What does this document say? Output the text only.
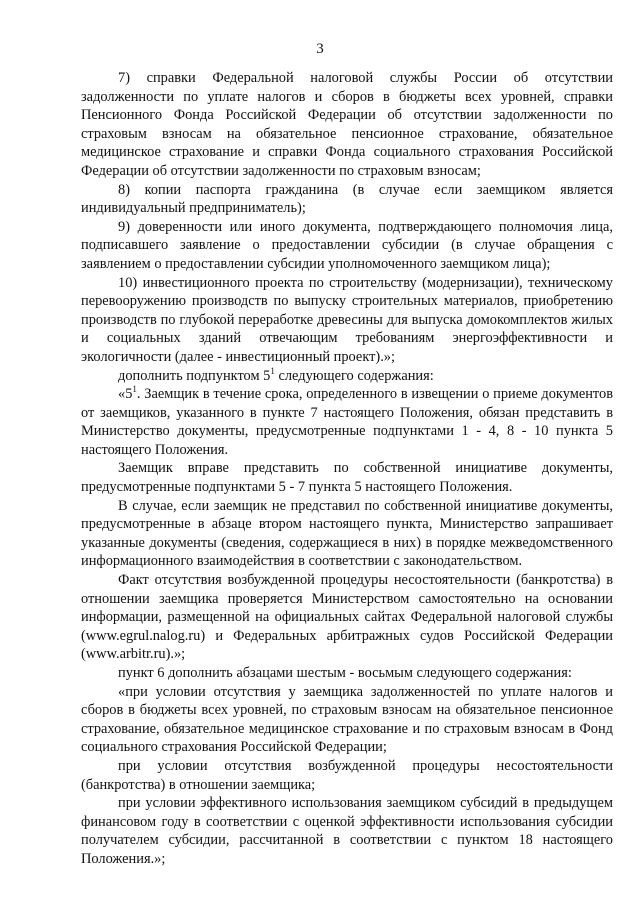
3

7) справки Федеральной налоговой службы России об отсутствии задолженности по уплате налогов и сборов в бюджеты всех уровней, справки Пенсионного Фонда Российской Федерации об отсутствии задолженности по страховым взносам на обязательное пенсионное страхование, обязательное медицинское страхование и справки Фонда социального страхования Российской Федерации об отсутствии задолженности по страховым взносам;

8) копии паспорта гражданина (в случае если заемщиком является индивидуальный предприниматель);

9) доверенности или иного документа, подтверждающего полномочия лица, подписавшего заявление о предоставлении субсидии (в случае обращения с заявлением о предоставлении субсидии уполномоченного заемщиком лица);

10) инвестиционного проекта по строительству (модернизации), техническому перевооружению производств по выпуску строительных материалов, приобретению производств по глубокой переработке древесины для выпуска домокомплектов жилых и социальных зданий отвечающим требованиям энергоэффективности и экологичности (далее - инвестиционный проект).»;

дополнить подпунктом $5^1$ следующего содержания:

«$5^1$. Заемщик в течение срока, определенного в извещении о приеме документов от заемщиков, указанного в пункте 7 настоящего Положения, обязан представить в Министерство документы, предусмотренные подпунктами 1 - 4, 8 - 10 пункта 5 настоящего Положения.

Заемщик вправе представить по собственной инициативе документы, предусмотренные подпунктами 5 - 7 пункта 5 настоящего Положения.

В случае, если заемщик не представил по собственной инициативе документы, предусмотренные в абзаце втором настоящего пункта, Министерство запрашивает указанные документы (сведения, содержащиеся в них) в порядке межведомственного информационного взаимодействия в соответствии с законодательством.

Факт отсутствия возбужденной процедуры несостоятельности (банкротства) в отношении заемщика проверяется Министерством самостоятельно на основании информации, размещенной на официальных сайтах Федеральной налоговой службы (www.egrul.nalog.ru) и Федеральных арбитражных судов Российской Федерации (www.arbitr.ru).»;

пункт 6 дополнить абзацами шестым - восьмым следующего содержания:

«при условии отсутствия у заемщика задолженностей по уплате налогов и сборов в бюджеты всех уровней, по страховым взносам на обязательное пенсионное страхование, обязательное медицинское страхование и по страховым взносам в Фонд социального страхования Российской Федерации;

при условии отсутствия возбужденной процедуры несостоятельности (банкротства) в отношении заемщика;

при условии эффективного использования заемщиком субсидий в предыдущем финансовом году в соответствии с оценкой эффективности использования субсидии получателем субсидии, рассчитанной в соответствии с пунктом 18 настоящего Положения.»;
